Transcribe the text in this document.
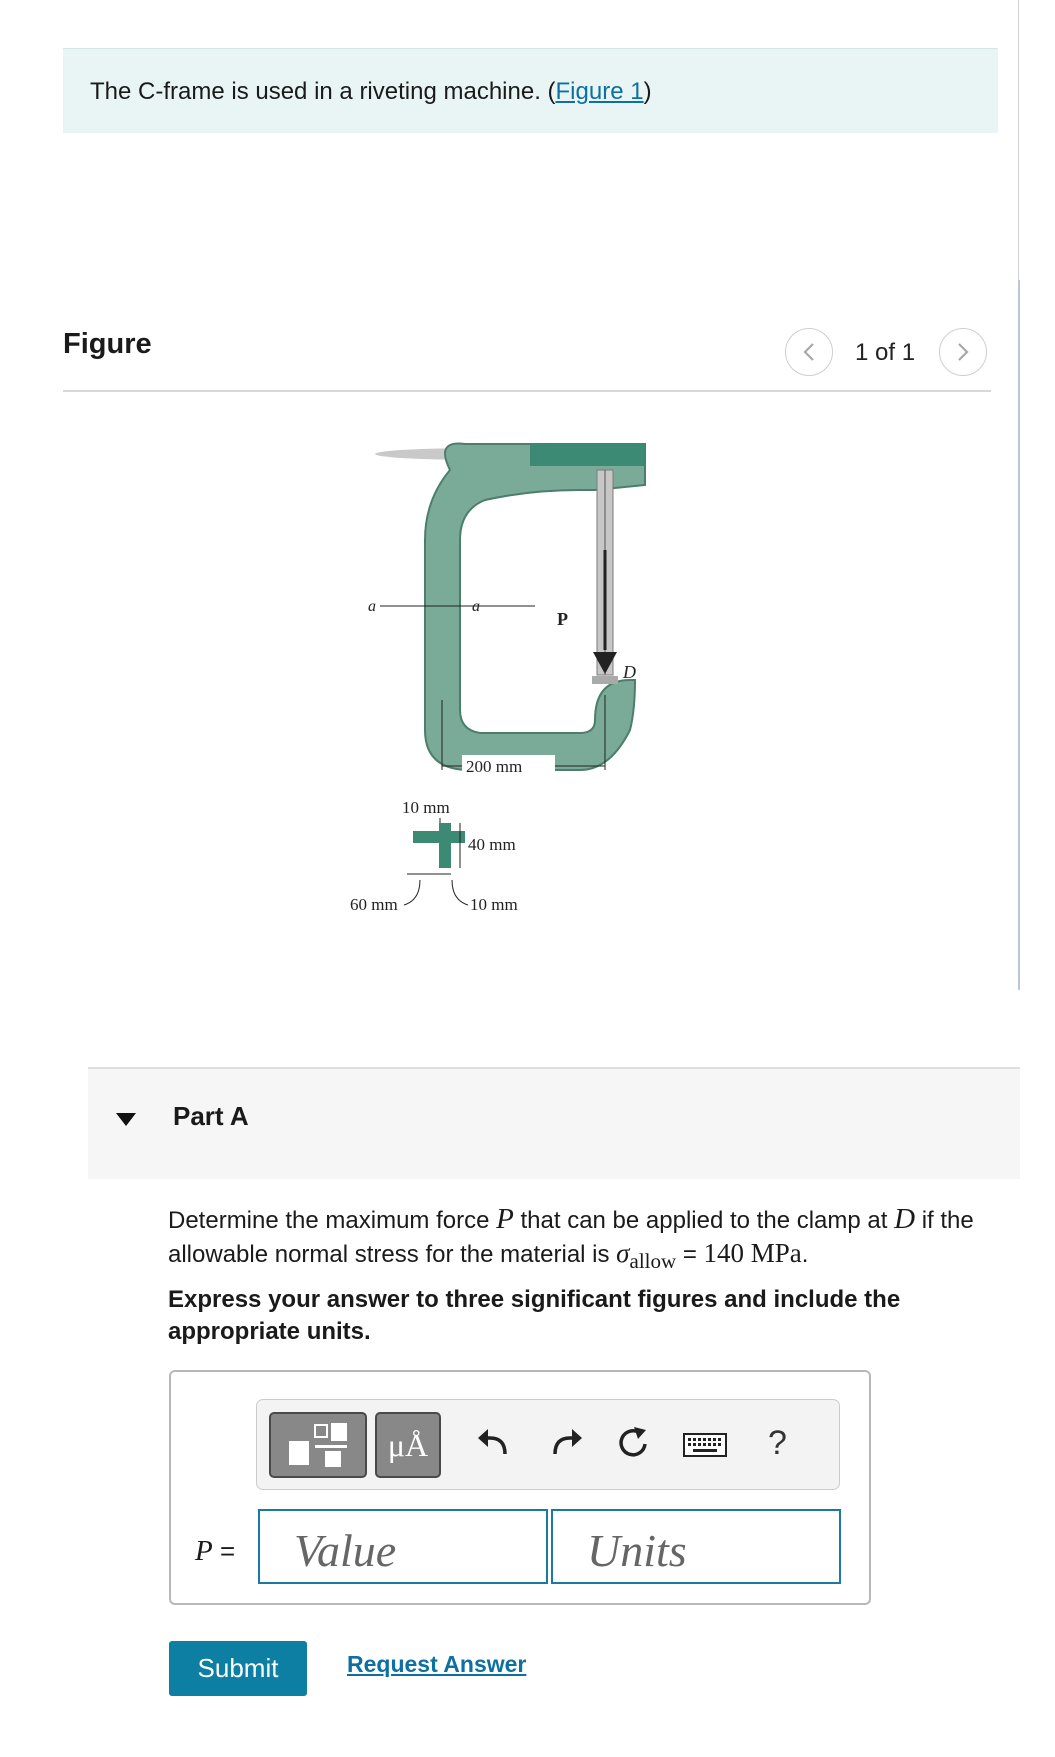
The C-frame is used in a riveting machine. (Figure 1)
Figure	1 of 1
a	a
P
D
200 mm
10 mm
40 mm
60 mm	10 mm
Part A
Determine the maximum force P that can be applied to the clamp at D if the allowable normal stress for the material is $\sigma_{allow} = 140$ MPa.
Express your answer to three significant figures and include the appropriate units.
μÅ	?
P =
Value
Units
Submit	Request Answer
